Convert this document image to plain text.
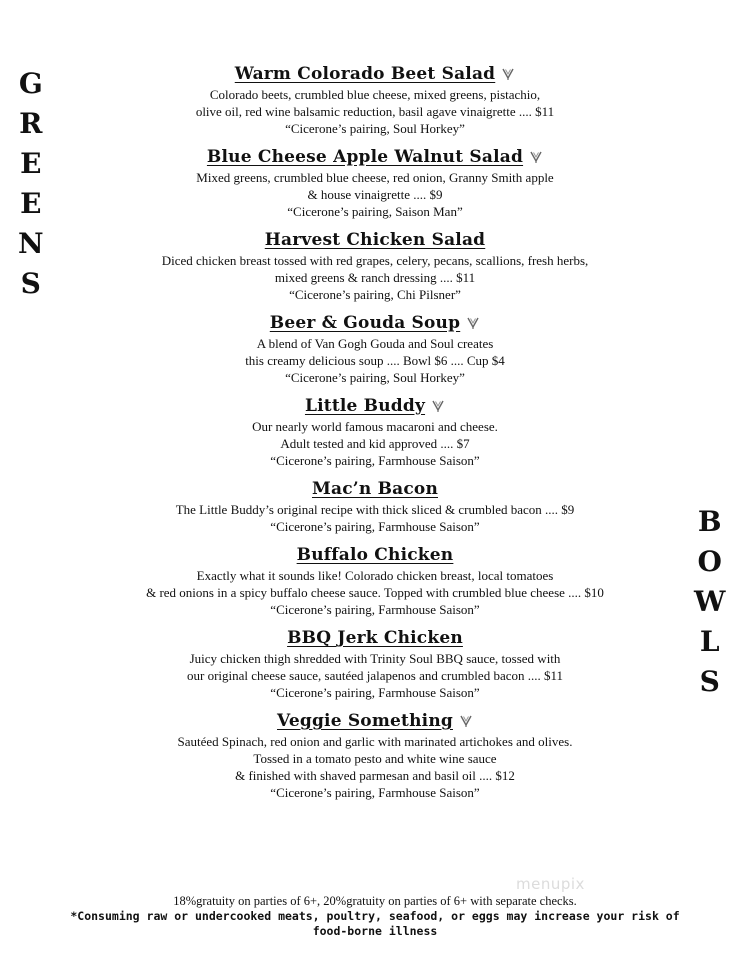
G
R
E
E
N
S
B
O
W
L
S
Warm Colorado Beet Salad
Colorado beets, crumbled blue cheese, mixed greens, pistachio,
olive oil, red wine balsamic reduction, basil agave vinaigrette .... $11
“Cicerone’s pairing, Soul Horkey”
Blue Cheese Apple Walnut Salad
Mixed greens, crumbled blue cheese, red onion, Granny Smith apple
& house vinaigrette .... $9
“Cicerone’s pairing, Saison Man”
Harvest Chicken Salad
Diced chicken breast tossed with red grapes, celery, pecans, scallions, fresh herbs,
mixed greens & ranch dressing .... $11
“Cicerone’s pairing, Chi Pilsner”
Beer & Gouda Soup
A blend of Van Gogh Gouda and Soul creates
this creamy delicious soup .... Bowl $6 .... Cup $4
“Cicerone’s pairing, Soul Horkey”
Little Buddy
Our nearly world famous macaroni and cheese.
Adult tested and kid approved .... $7
“Cicerone’s pairing, Farmhouse Saison”
Mac’n Bacon
The Little Buddy’s original recipe with thick sliced & crumbled bacon .... $9
“Cicerone’s pairing, Farmhouse Saison”
Buffalo Chicken
Exactly what it sounds like! Colorado chicken breast, local tomatoes
& red onions in a spicy buffalo cheese sauce. Topped with crumbled blue cheese .... $10
“Cicerone’s pairing, Farmhouse Saison”
BBQ Jerk Chicken
Juicy chicken thigh shredded with Trinity Soul BBQ sauce, tossed with
our original cheese sauce, sautéed jalapenos and crumbled bacon .... $11
“Cicerone’s pairing, Farmhouse Saison”
Veggie Something
Sautéed Spinach, red onion and garlic with marinated artichokes and olives.
Tossed in a tomato pesto and white wine sauce
& finished with shaved parmesan and basil oil .... $12
“Cicerone’s pairing, Farmhouse Saison”
18%gratuity on parties of 6+, 20%gratuity on parties of 6+ with separate checks.
*Consuming raw or undercooked meats, poultry, seafood, or eggs may increase your risk of
food-borne illness
menupix
